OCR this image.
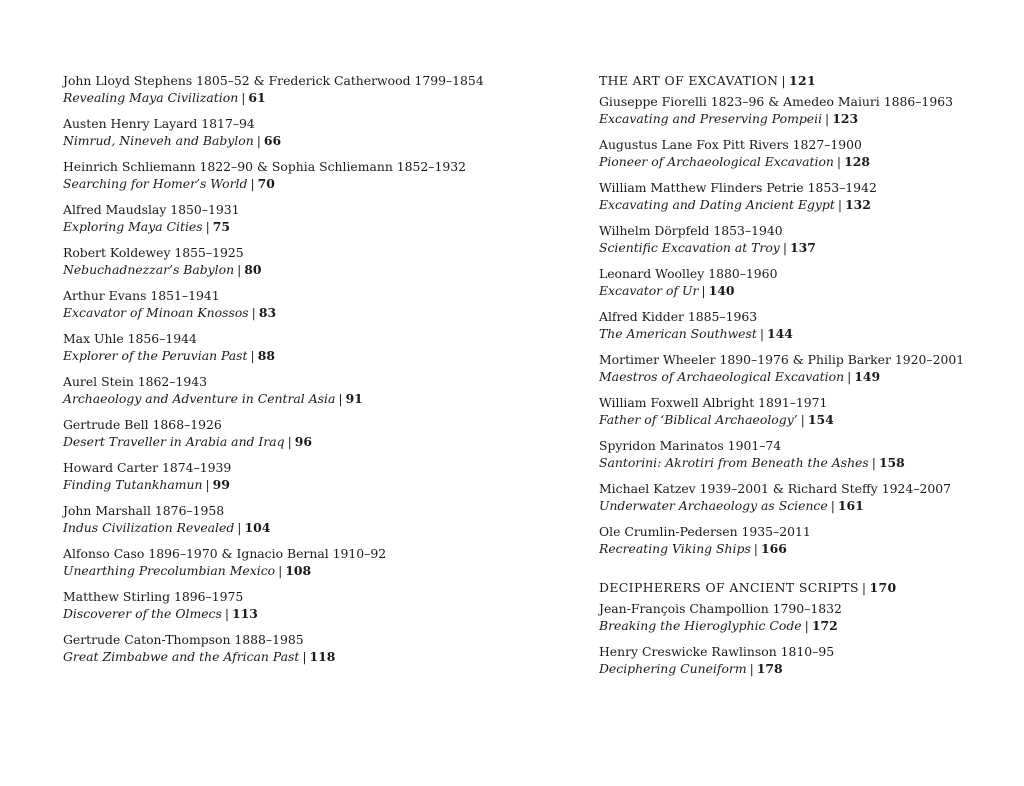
John Lloyd Stephens 1805–52 & Frederick Catherwood 1799–1854
Revealing Maya Civilization | 61
Austen Henry Layard 1817–94
Nimrud, Nineveh and Babylon | 66
Heinrich Schliemann 1822–90 & Sophia Schliemann 1852–1932
Searching for Homer’s World | 70
Alfred Maudslay 1850–1931
Exploring Maya Cities | 75
Robert Koldewey 1855–1925
Nebuchadnezzar’s Babylon | 80
Arthur Evans 1851–1941
Excavator of Minoan Knossos | 83
Max Uhle 1856–1944
Explorer of the Peruvian Past | 88
Aurel Stein 1862–1943
Archaeology and Adventure in Central Asia | 91
Gertrude Bell 1868–1926
Desert Traveller in Arabia and Iraq | 96
Howard Carter 1874–1939
Finding Tutankhamun | 99
John Marshall 1876–1958
Indus Civilization Revealed | 104
Alfonso Caso 1896–1970 & Ignacio Bernal 1910–92
Unearthing Precolumbian Mexico | 108
Matthew Stirling 1896–1975
Discoverer of the Olmecs | 113
Gertrude Caton-Thompson 1888–1985
Great Zimbabwe and the African Past | 118
THE ART OF EXCAVATION | 121
Giuseppe Fiorelli 1823–96 & Amedeo Maiuri 1886–1963
Excavating and Preserving Pompeii | 123
Augustus Lane Fox Pitt Rivers 1827–1900
Pioneer of Archaeological Excavation | 128
William Matthew Flinders Petrie 1853–1942
Excavating and Dating Ancient Egypt | 132
Wilhelm Dörpfeld 1853–1940
Scientific Excavation at Troy | 137
Leonard Woolley 1880–1960
Excavator of Ur | 140
Alfred Kidder 1885–1963
The American Southwest | 144
Mortimer Wheeler 1890–1976 & Philip Barker 1920–2001
Maestros of Archaeological Excavation | 149
William Foxwell Albright 1891–1971
Father of ‘Biblical Archaeology’ | 154
Spyridon Marinatos 1901–74
Santorini: Akrotiri from Beneath the Ashes | 158
Michael Katzev 1939–2001 & Richard Steffy 1924–2007
Underwater Archaeology as Science | 161
Ole Crumlin-Pedersen 1935–2011
Recreating Viking Ships | 166
DECIPHERERS OF ANCIENT SCRIPTS | 170
Jean-François Champollion 1790–1832
Breaking the Hieroglyphic Code | 172
Henry Creswicke Rawlinson 1810–95
Deciphering Cuneiform | 178
